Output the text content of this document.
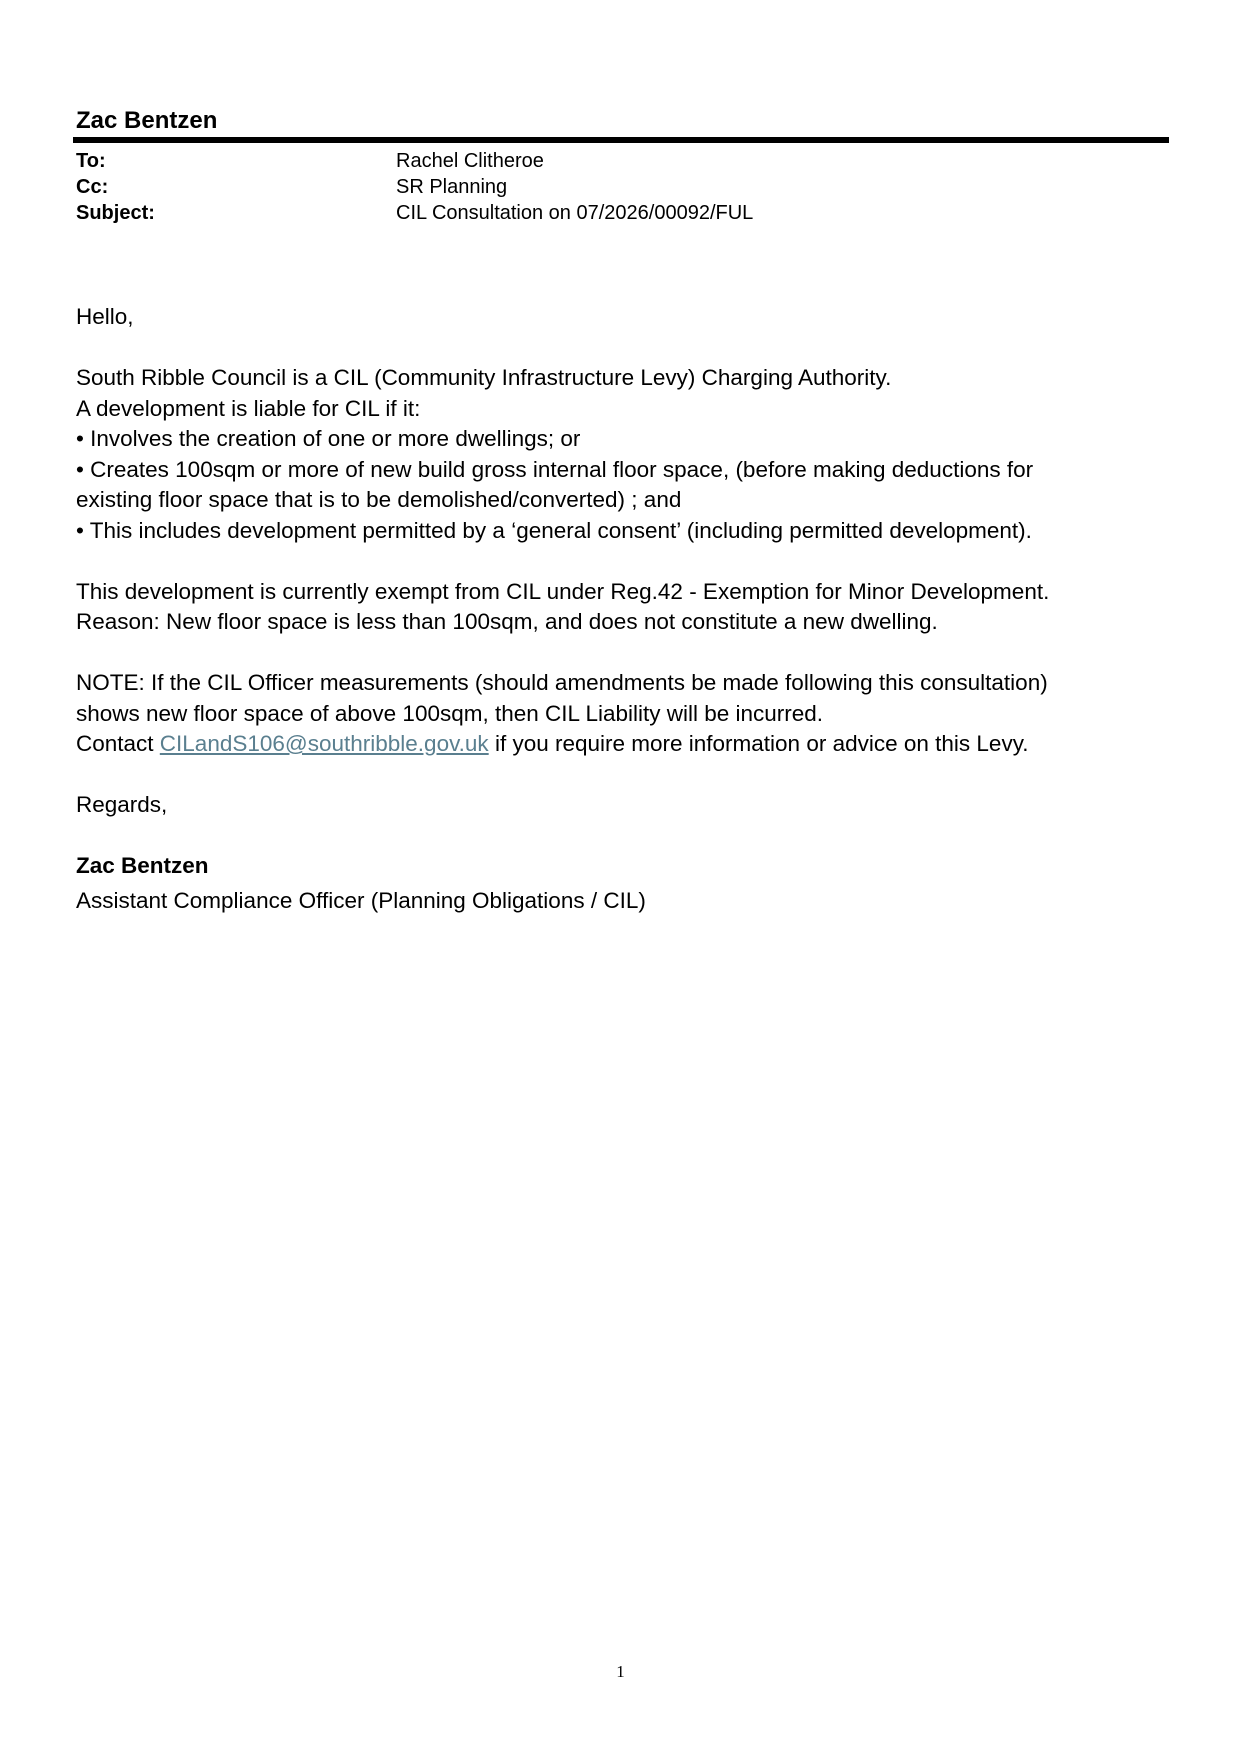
Zac Bentzen
To:	Rachel Clitheroe
Cc:	SR Planning
Subject:	CIL Consultation on 07/2026/00092/FUL

Hello,

South Ribble Council is a CIL (Community Infrastructure Levy) Charging Authority.

A development is liable for CIL if it:

• Involves the creation of one or more dwellings; or

• Creates 100sqm or more of new build gross internal floor space, (before making deductions for

existing floor space that is to be demolished/converted) ; and

• This includes development permitted by a ‘general consent’ (including permitted development).

This development is currently exempt from CIL under Reg.42 - Exemption for Minor Development.

Reason: New floor space is less than 100sqm, and does not constitute a new dwelling.

NOTE: If the CIL Officer measurements (should amendments be made following this consultation)

shows new floor space of above 100sqm, then CIL Liability will be incurred.

Contact CILandS106@southribble.gov.uk if you require more information or advice on this Levy.

Regards,

Zac Bentzen

Assistant Compliance Officer (Planning Obligations / CIL)

1
